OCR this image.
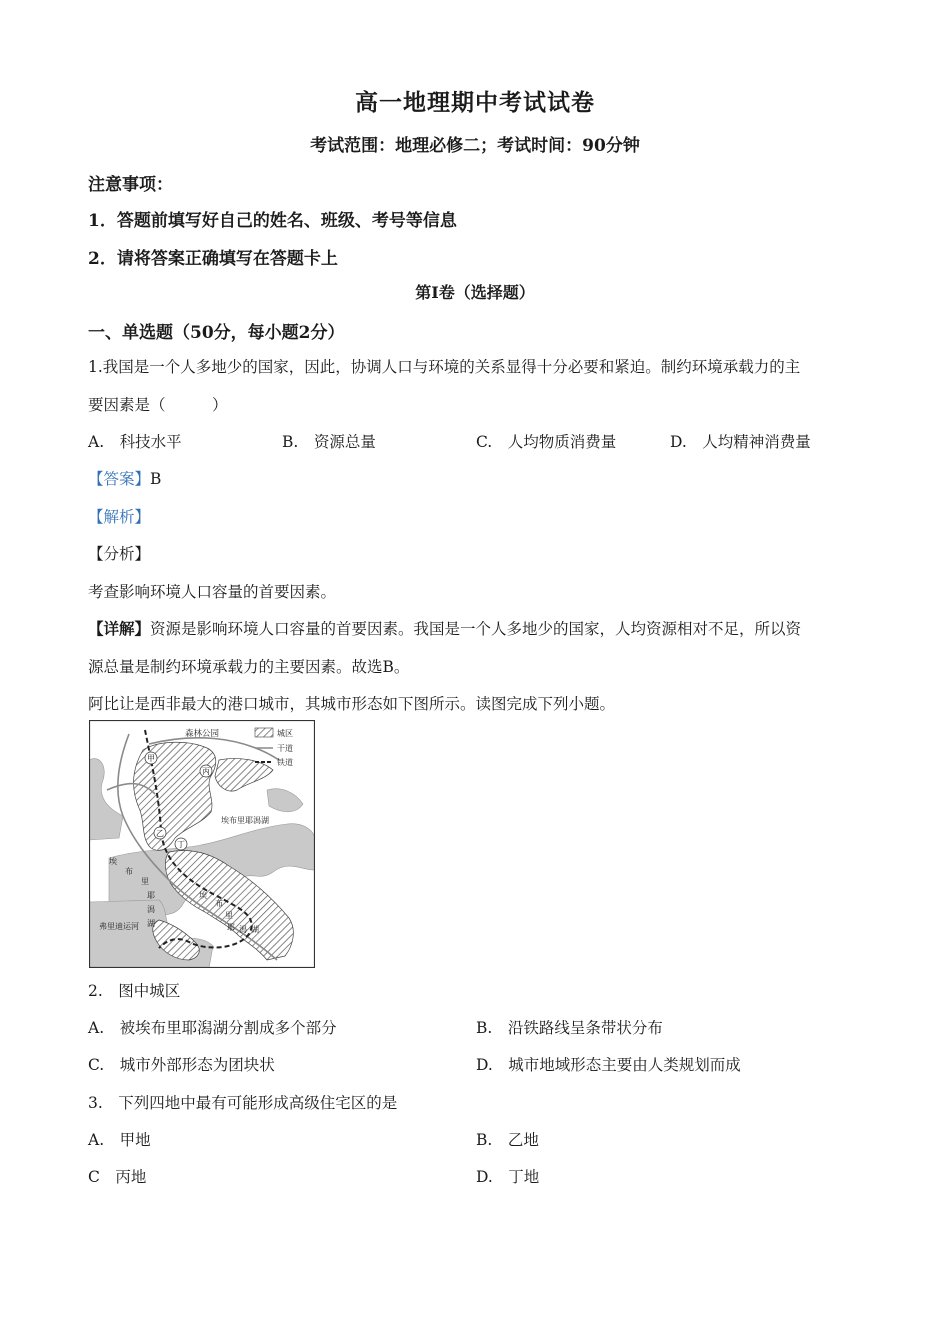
高一地理期中考试试卷
考试范围：地理必修二；考试时间：90分钟
注意事项：
1．答题前填写好自己的姓名、班级、考号等信息
2．请将答案正确填写在答题卡上
第I卷（选择题）
一、单选题（50分，每小题2分）
1.我国是一个人多地少的国家，因此，协调人口与环境的关系显得十分必要和紧迫。制约环境承载力的主
要因素是（　　　）
A.　科技水平	B.　资源总量	C.　人均物质消费量	D.　人均精神消费量
【答案】B
【解析】
【分析】
考查影响环境人口容量的首要因素。
【详解】资源是影响环境人口容量的首要因素。我国是一个人多地少的国家，人均资源相对不足，所以资
源总量是制约环境承载力的主要因素。故选B。
阿比让是西非最大的港口城市，其城市形态如下图所示。读图完成下列小题。
城区
干道
铁道
森林公园
甲
丙
乙
丁
埃布里耶潟湖
埃
布
里
耶
潟
湖
埃
布
里
耶 潟 湖
弗里迪运河
2.　图中城区
A.　被埃布里耶潟湖分割成多个部分	B.　沿铁路线呈条带状分布
C.　城市外部形态为团块状	D.　城市地域形态主要由人类规划而成
3.　下列四地中最有可能形成高级住宅区的是
A.　甲地	B.　乙地
C　丙地	D.　丁地
